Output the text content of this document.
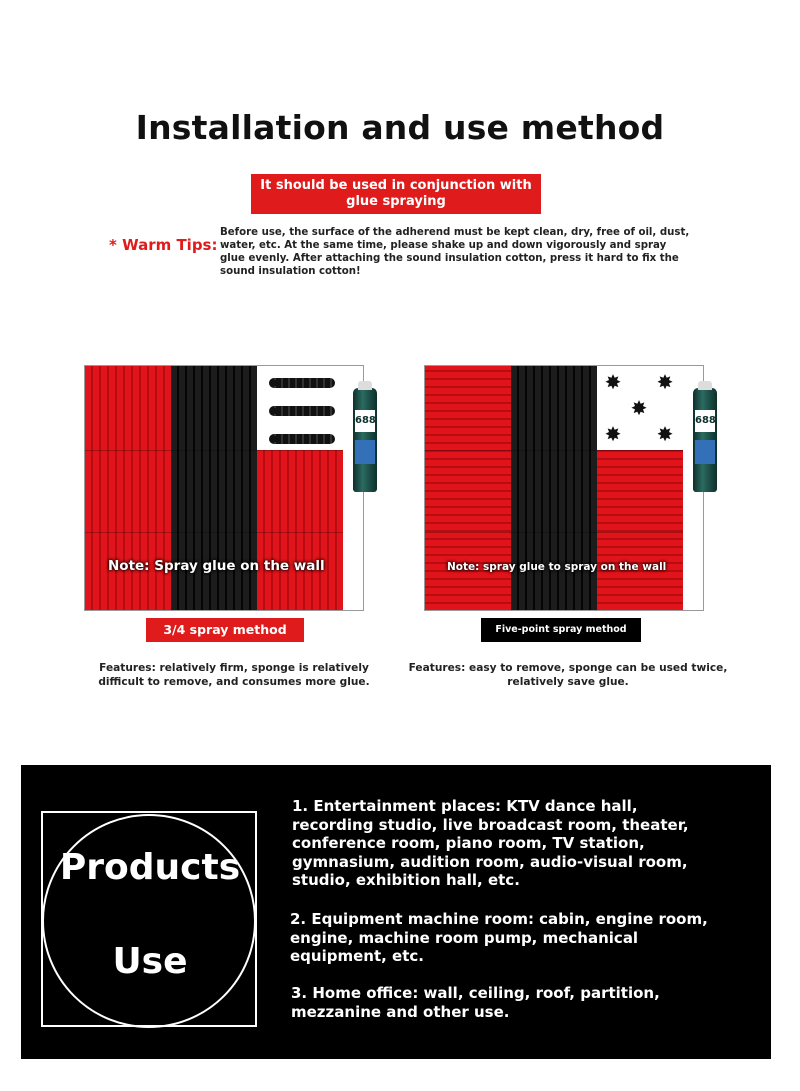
Installation and use method
It should be used in conjunction with glue spraying
* Warm Tips:
Before use, the surface of the adherend must be kept clean, dry, free of oil, dust, water, etc. At the same time, please shake up and down vigorously and spray glue evenly. After attaching the sound insulation cotton, press it hard to fix the sound insulation cotton!
688
Note: Spray glue on the wall
✸ ✸
✸
✸ ✸
688
Note: spray glue to spray on the wall
3/4 spray method	Five-point spray method
Features: relatively firm, sponge is relatively difficult to remove, and consumes more glue.
Features: easy to remove, sponge can be used twice, relatively save glue.
Products
Use
1. Entertainment places: KTV dance hall, recording studio, live broadcast room, theater, conference room, piano room, TV station, gymnasium, audition room, audio-visual room, studio, exhibition hall, etc.
2. Equipment machine room: cabin, engine room, engine, machine room pump, mechanical equipment, etc.
3. Home office: wall, ceiling, roof, partition, mezzanine and other use.
